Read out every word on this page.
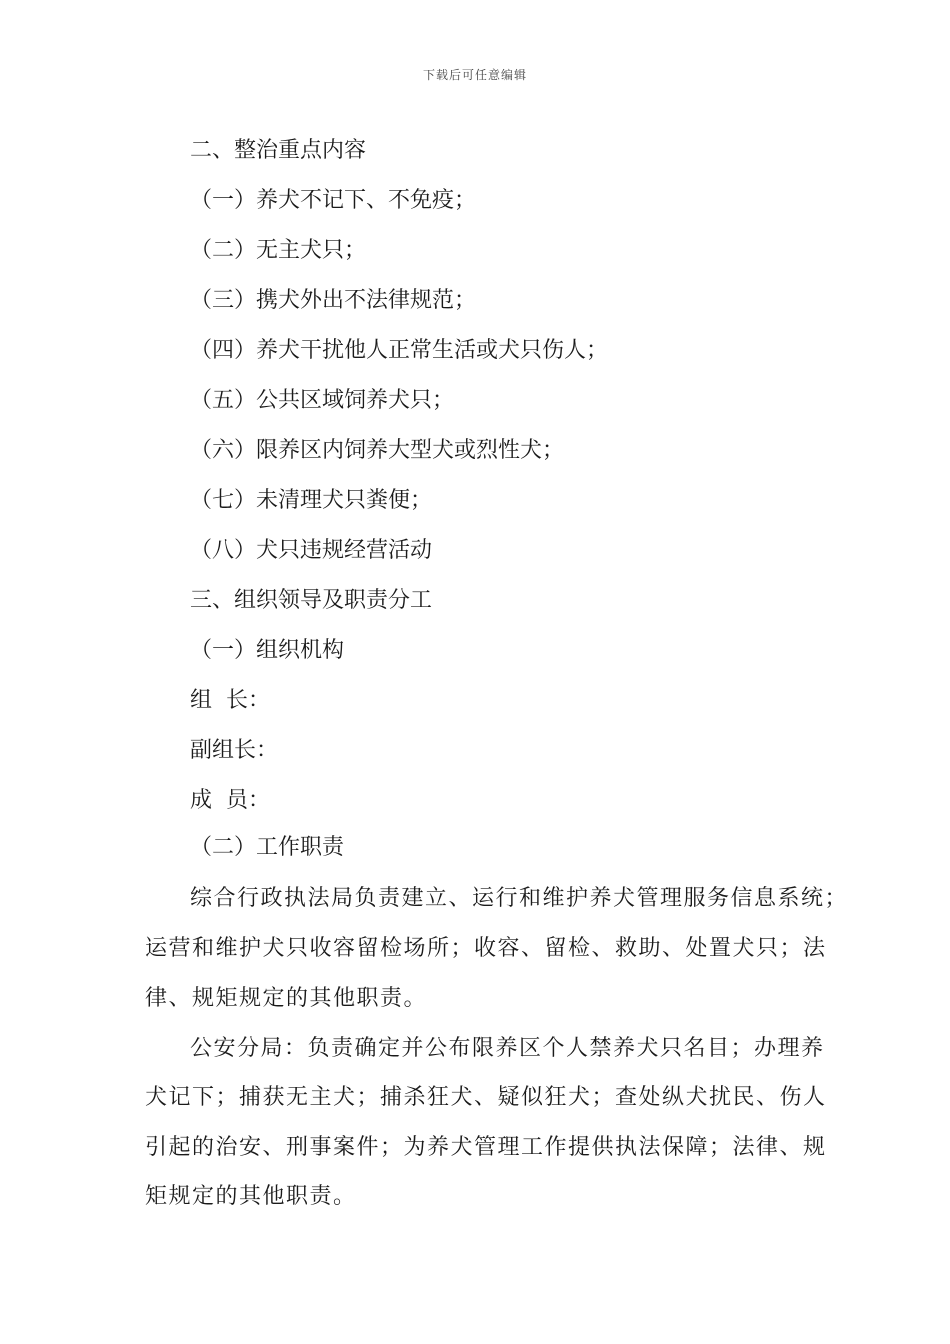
下载后可任意编辑
二、整治重点内容
（一）养犬不记下、不免疫；
（二）无主犬只；
（三）携犬外出不法律规范；
（四）养犬干扰他人正常生活或犬只伤人；
（五）公共区域饲养犬只；
（六）限养区内饲养大型犬或烈性犬；
（七）未清理犬只粪便；
（八）犬只违规经营活动
三、组织领导及职责分工
（一）组织机构
组  长：
副组长：
成  员：
（二）工作职责
综合行政执法局负责建立、运行和维护养犬管理服务信息系统；
运营和维护犬只收容留检场所；收容、留检、救助、处置犬只；法
律、规矩规定的其他职责。
公安分局：负责确定并公布限养区个人禁养犬只名目；办理养
犬记下；捕获无主犬；捕杀狂犬、疑似狂犬；查处纵犬扰民、伤人
引起的治安、刑事案件；为养犬管理工作提供执法保障；法律、规
矩规定的其他职责。
